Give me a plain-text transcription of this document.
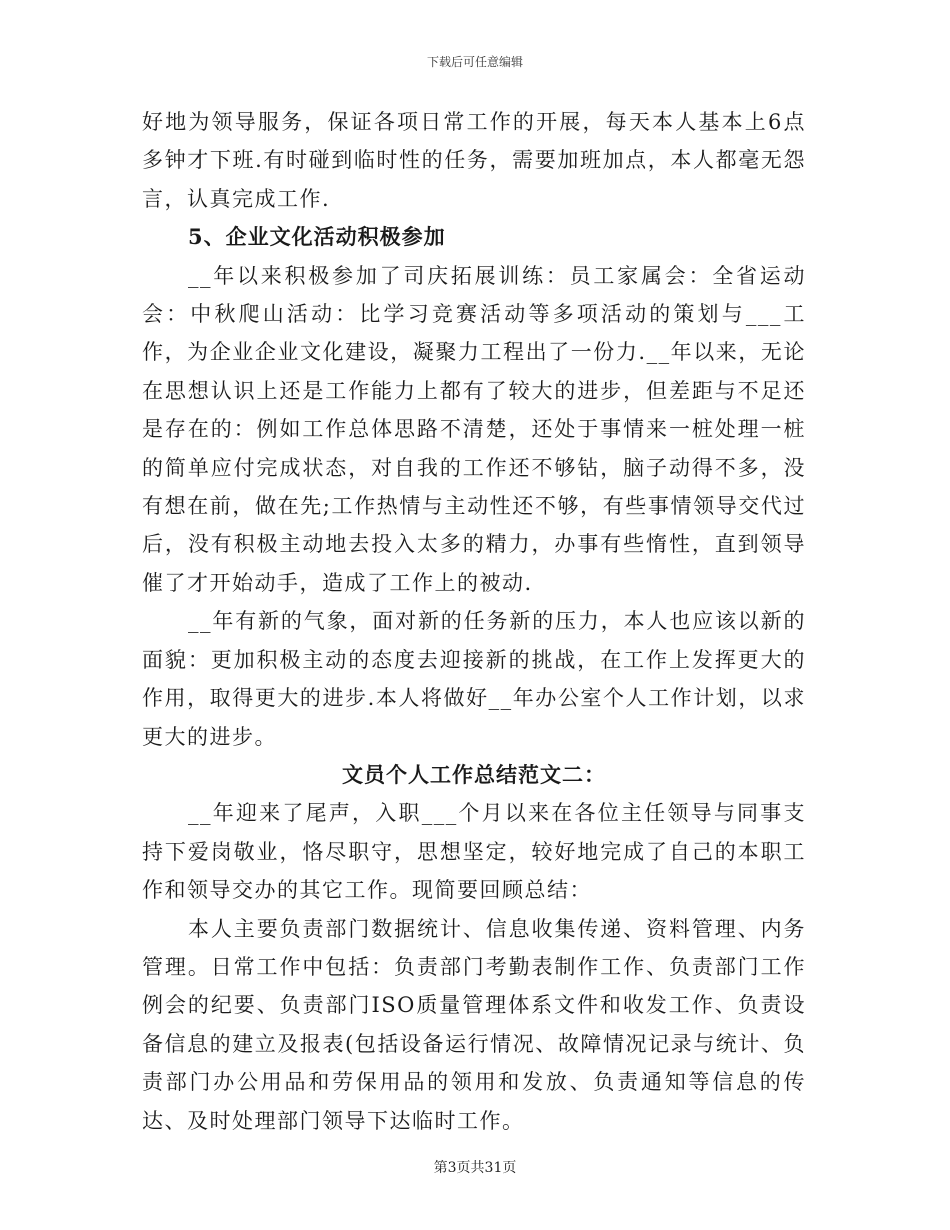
下载后可任意编辑

好地为领导服务，保证各项日常工作的开展，每天本人基本上6点多钟才下班.有时碰到临时性的任务，需要加班加点，本人都毫无怨言，认真完成工作.

5、企业文化活动积极参加

__年以来积极参加了司庆拓展训练：员工家属会：全省运动会：中秋爬山活动：比学习竞赛活动等多项活动的策划与___工作，为企业企业文化建设，凝聚力工程出了一份力.__年以来，无论在思想认识上还是工作能力上都有了较大的进步，但差距与不足还是存在的：例如工作总体思路不清楚，还处于事情来一桩处理一桩的简单应付完成状态，对自我的工作还不够钻，脑子动得不多，没有想在前，做在先;工作热情与主动性还不够，有些事情领导交代过后，没有积极主动地去投入太多的精力，办事有些惰性，直到领导催了才开始动手，造成了工作上的被动.

__年有新的气象，面对新的任务新的压力，本人也应该以新的面貌：更加积极主动的态度去迎接新的挑战，在工作上发挥更大的作用，取得更大的进步.本人将做好__年办公室个人工作计划，以求更大的进步。

文员个人工作总结范文二：

__年迎来了尾声，入职___个月以来在各位主任领导与同事支持下爱岗敬业，恪尽职守，思想坚定，较好地完成了自己的本职工作和领导交办的其它工作。现简要回顾总结：

本人主要负责部门数据统计、信息收集传递、资料管理、内务管理。日常工作中包括：负责部门考勤表制作工作、负责部门工作例会的纪要、负责部门ISO质量管理体系文件和收发工作、负责设备信息的建立及报表(包括设备运行情况、故障情况记录与统计、负责部门办公用品和劳保用品的领用和发放、负责通知等信息的传达、及时处理部门领导下达临时工作。

第3页共31页
